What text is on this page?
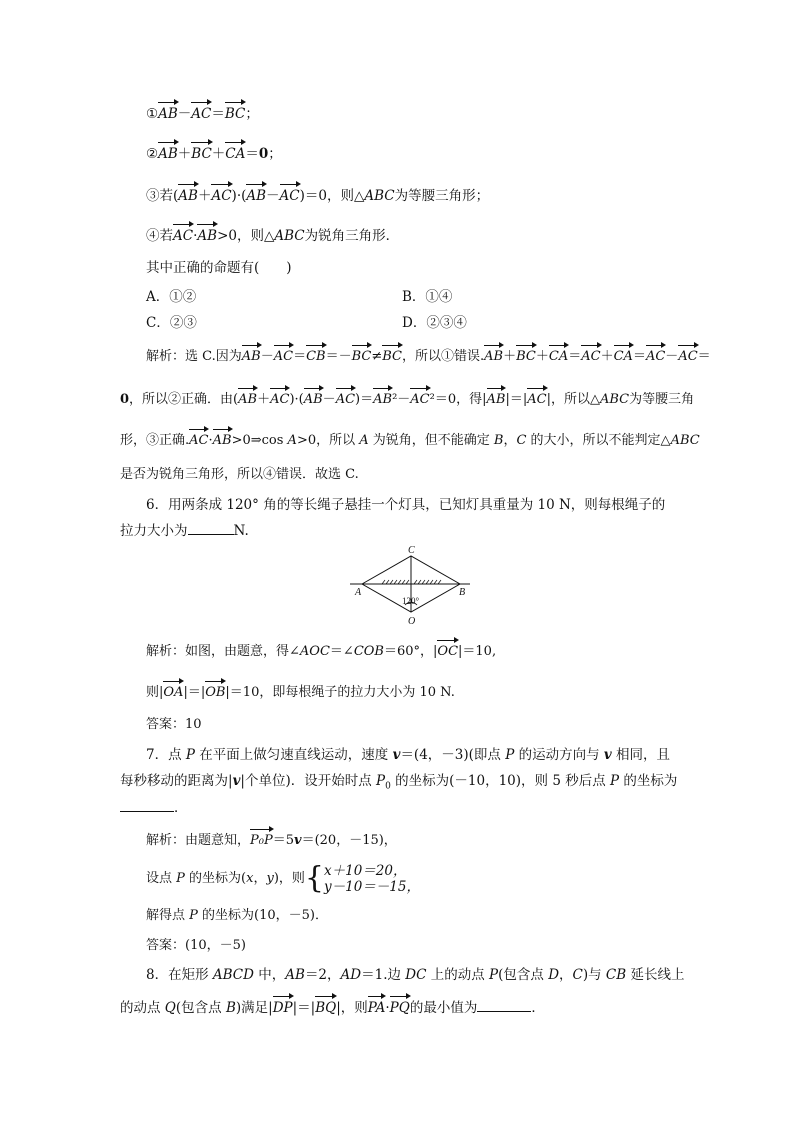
①AB－AC＝BC；
②AB＋BC＋CA＝0；
③若(AB＋AC)·(AB－AC)＝0，则△ABC为等腰三角形；
④若AC·AB>0，则△ABC为锐角三角形．
其中正确的命题有(　　)
A．①②	B．①④
C．②③	D．②③④
解析：选 C.因为AB－AC＝CB＝－BC≠BC，所以①错误.AB＋BC＋CA＝AC＋CA＝AC－AC＝
0，所以②正确．由(AB＋AC)·(AB－AC)＝AB²－AC²＝0，得|AB|＝|AC|，所以△ABC为等腰三角
形，③正确.AC·AB>0⇒cos A>0，所以 A 为锐角，但不能确定 B，C 的大小，所以不能判定△ABC
是否为锐角三角形，所以④错误．故选 C.
6．用两条成 120° 角的等长绳子悬挂一个灯具，已知灯具重量为 10 N，则每根绳子的
拉力大小为	N.
C
A	B
O
120°
解析：如图，由题意，得∠AOC＝∠COB＝60°，|OC|＝10,
则|OA|＝|OB|＝10，即每根绳子的拉力大小为 10 N.
答案：10
7．点 P 在平面上做匀速直线运动，速度 v＝(4，－3)(即点 P 的运动方向与 v 相同，且
每秒移动的距离为|v|个单位)．设开始时点 $P_0$ 的坐标为(－10，10)，则 5 秒后点 P 的坐标为
．
解析：由题意知，P₀P＝5v＝(20，－15)，
设点 P 的坐标为(x，y)，则{x＋10＝20，
y－10＝－15，
解得点 P 的坐标为(10，－5)．
答案：(10，－5)
8．在矩形 ABCD 中，AB＝2，AD＝1.边 DC 上的动点 P(包含点 D，C)与 CB 延长线上
的动点 Q(包含点 B)满足|DP|＝|BQ|，则PA·PQ的最小值为	．
